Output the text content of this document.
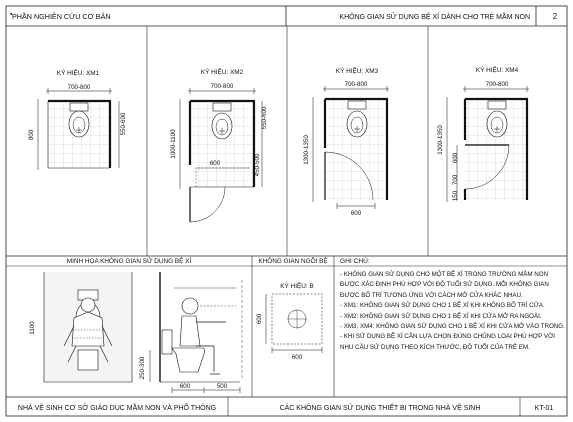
PHẦN NGHIÊN CỨU CƠ BẢN	KHÔNG GIAN SỬ DỤNG BỆ XÍ DÀNH CHO TRẺ MẦM NON	2
▪
KÝ HIỆU: XM1
700-800
800	550-600
KÝ HIỆU: XM2
700-800
1000-1100
550-600
450-500
600
KÝ HIỆU: XM3
700-800
1300-1350
600
KÝ HIỆU: XM4
700-800
1300-1350
600
700
150
MINH HỌA KHÔNG GIAN SỬ DỤNG BỆ XÍ
1100
250-300
600	500
KHÔNG GIAN NGỒI BỆ
KÝ HIỆU: B
600
600
GHI CHÚ:
NHÀ VỆ SINH CƠ SỞ GIÁO DỤC MẦM NON VÀ PHỔ THÔNG	CÁC KHÔNG GIAN SỬ DỤNG THIẾT BỊ TRONG NHÀ VỆ SINH	KT-01

- KHÔNG GIAN SỬ DỤNG CHO MỘT BỆ XÍ TRONG TRƯỜNG MẦM NON ĐƯỢC XÁC ĐỊNH PHÙ HỢP VỚI ĐỘ TUỔI SỬ DỤNG. MỖI KHÔNG GIAN ĐƯỢC BỐ TRÍ TƯƠNG ỨNG VỚI CÁCH MỞ CỬA KHÁC NHAU.

- XM1: KHÔNG GIAN SỬ DỤNG CHO 1 BỆ XÍ KHI KHÔNG BỐ TRÍ CỬA.

- XM2: KHÔNG GIAN SỬ DỤNG CHO 1 BỆ XÍ KHI CỬA MỞ RA NGOÀI.

- XM3, XM4: KHÔNG GIAN SỬ DỤNG CHO 1 BỆ XÍ KHI CỬA MỞ VÀO TRONG.

- KHI SỬ DỤNG BỆ XÍ CẦN LỰA CHỌN ĐÚNG CHỦNG LOẠI PHÙ HỢP VỚI NHU CẦU SỬ DỤNG THEO KÍCH THƯỚC, ĐỘ TUỔI CỦA TRẺ EM.
